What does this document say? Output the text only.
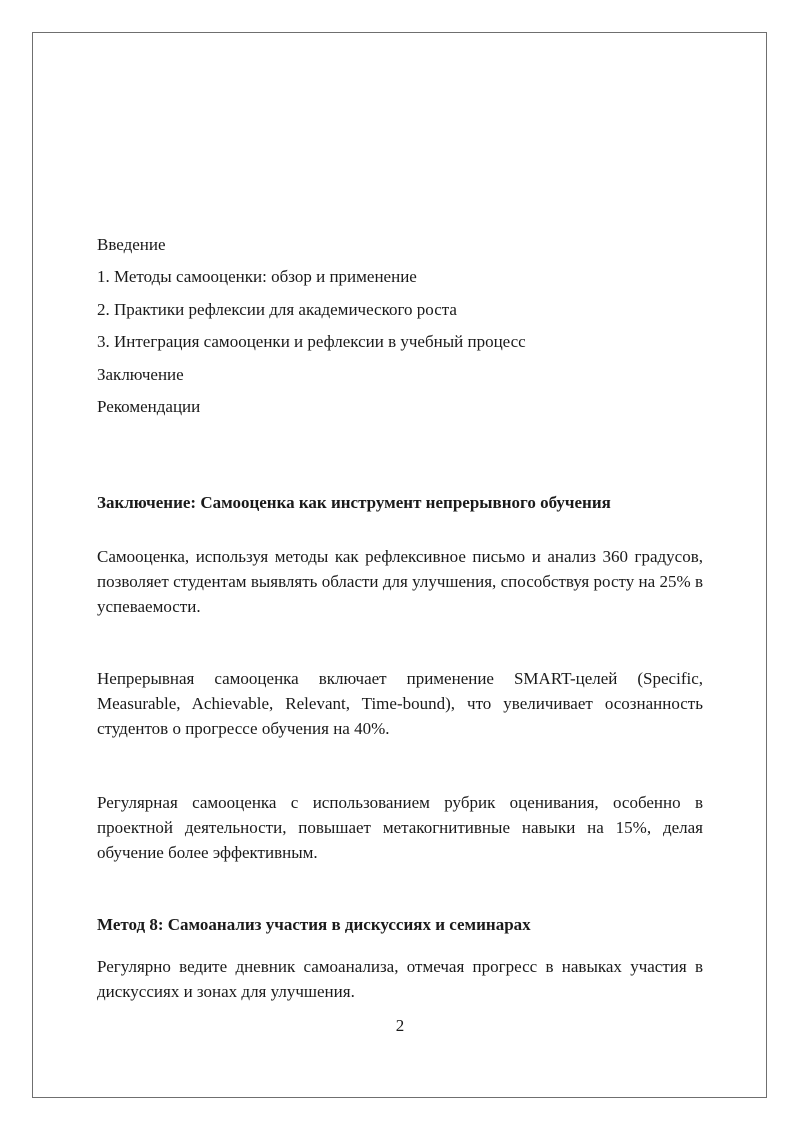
Введение
1. Методы самооценки: обзор и применение
2. Практики рефлексии для академического роста
3. Интеграция самооценки и рефлексии в учебный процесс
Заключение
Рекомендации
Заключение: Самооценка как инструмент непрерывного обучения
Самооценка, используя методы как рефлексивное письмо и анализ 360 градусов, позволяет студентам выявлять области для улучшения, способствуя росту на 25% в успеваемости.
Непрерывная самооценка включает применение SMART-целей (Specific, Measurable, Achievable, Relevant, Time-bound), что увеличивает осознанность студентов о прогрессе обучения на 40%.
Регулярная самооценка с использованием рубрик оценивания, особенно в проектной деятельности, повышает метакогнитивные навыки на 15%, делая обучение более эффективным.
Метод 8: Самоанализ участия в дискуссиях и семинарах
Регулярно ведите дневник самоанализа, отмечая прогресс в навыках участия в дискуссиях и зонах для улучшения.
2
